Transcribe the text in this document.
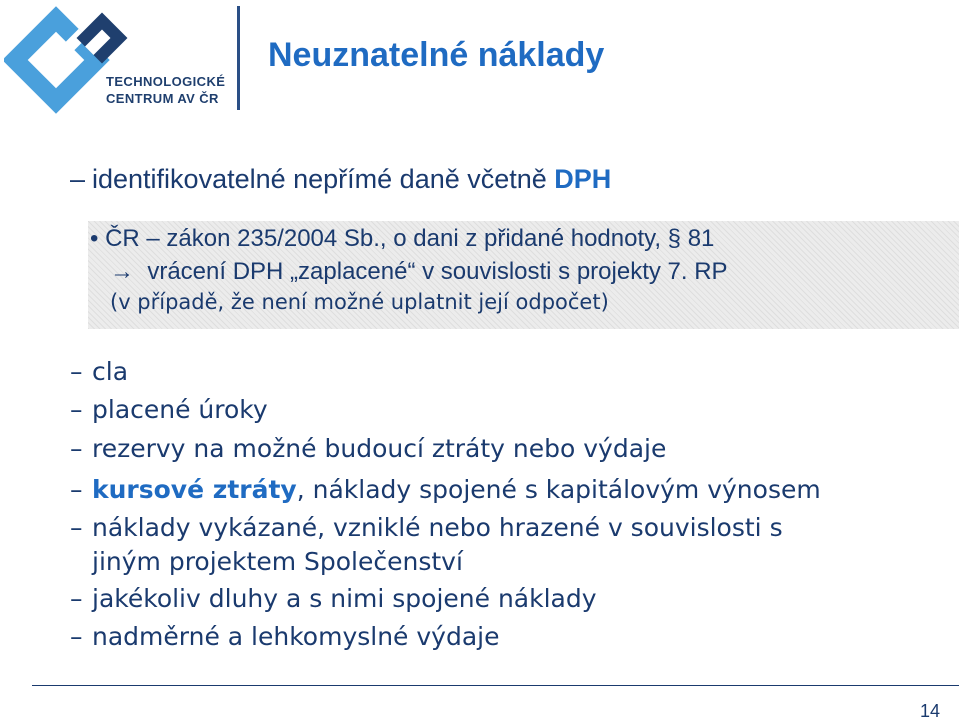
TECHNOLOGICKÉ
CENTRUM AV ČR
Neuznatelné náklady
– identifikovatelné nepřímé daně včetně DPH
• ČR – zákon 235/2004 Sb., o dani z přidané hodnoty, § 81
→ vrácení DPH „zaplacené“ v souvislosti s projekty 7. RP
(v případě, že není možné uplatnit její odpočet)
– cla
– placené úroky
– rezervy na možné budoucí ztráty nebo výdaje
– kursové ztráty, náklady spojené s kapitálovým výnosem
– náklady vykázané, vzniklé nebo hrazené v souvislosti s
jiným projektem Společenství
– jakékoliv dluhy a s nimi spojené náklady
– nadměrné a lehkomyslné výdaje
14
